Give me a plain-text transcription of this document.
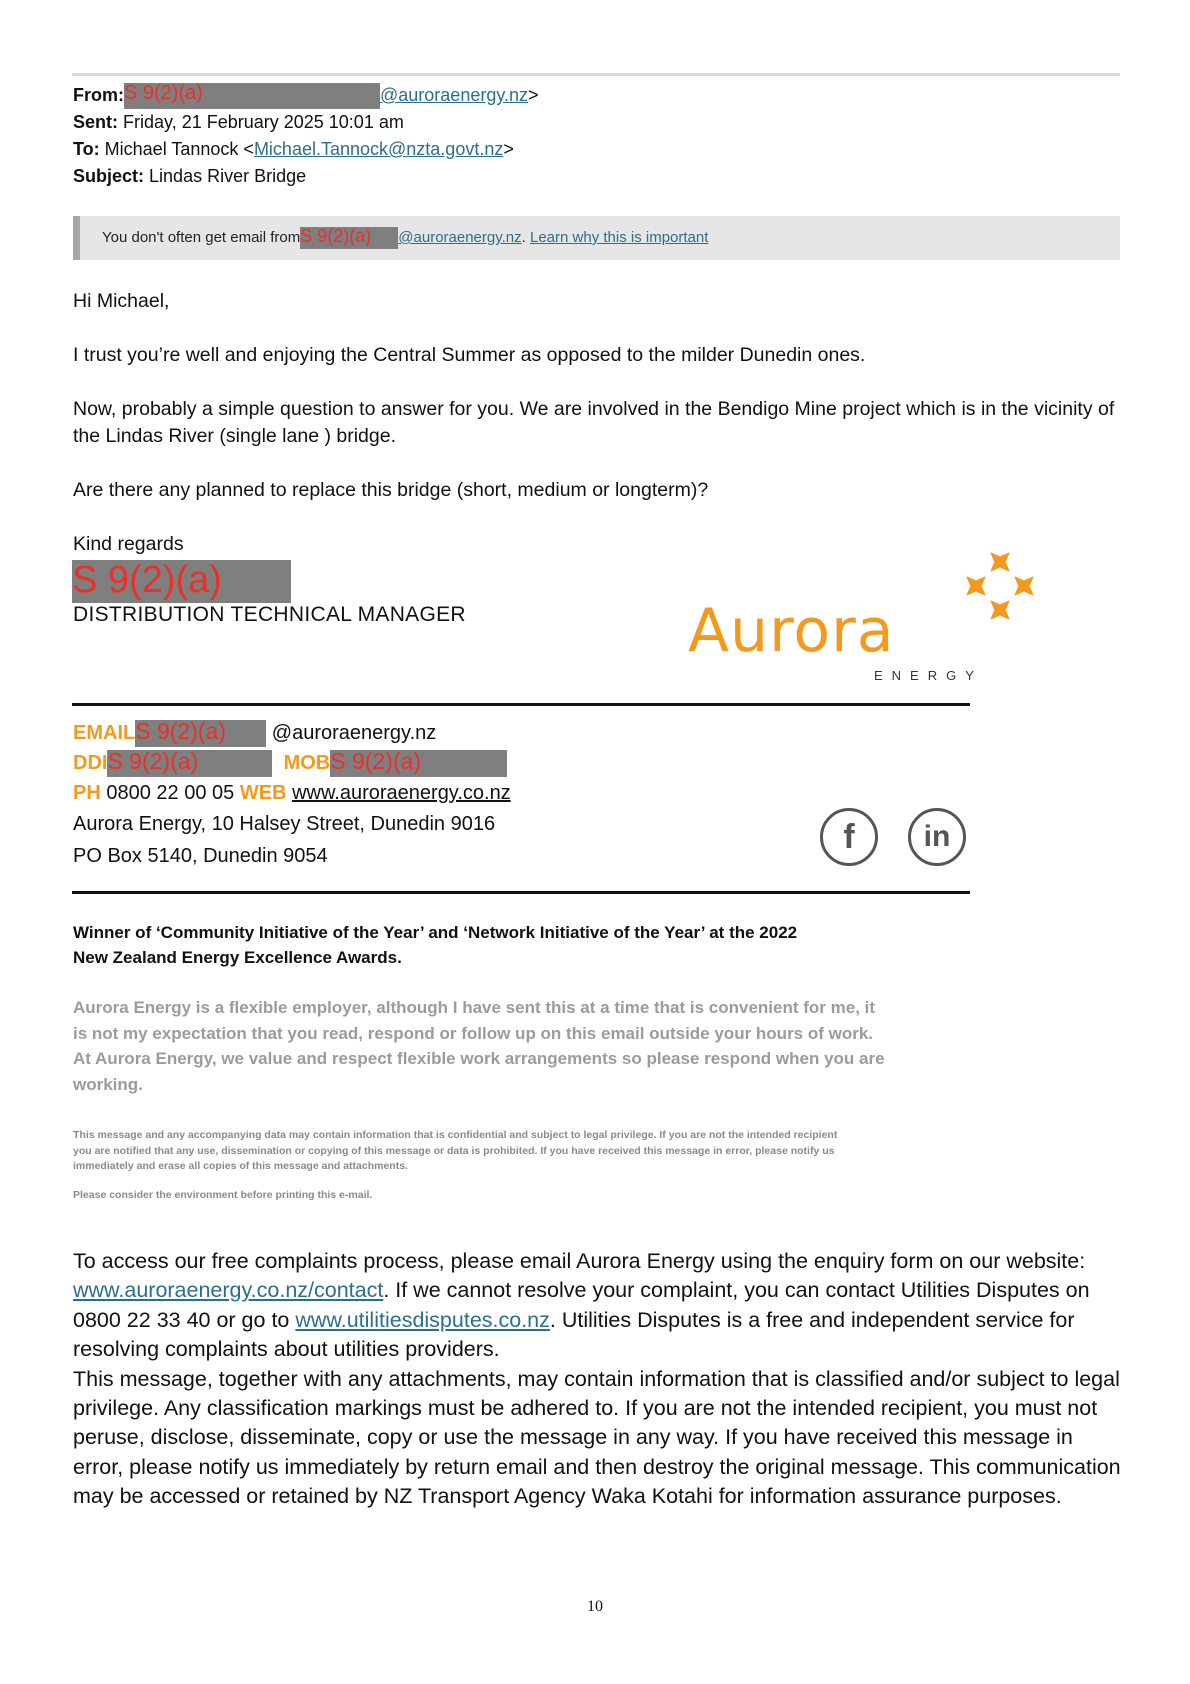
From:S 9(2)(a)	@auroraenergy.nz>
Sent: Friday, 21 February 2025 10:01 am
To: Michael Tannock <Michael.Tannock@nzta.govt.nz>
Subject: Lindas River Bridge
You don't often get email fromS 9(2)(a) @auroraenergy.nz. Learn why this is important
Hi Michael,
I trust you’re well and enjoying the Central Summer as opposed to the milder Dunedin ones.
Now, probably a simple question to answer for you. We are involved in the Bendigo Mine project which is in the vicinity of the Lindas River (single lane ) bridge.
Are there any planned to replace this bridge (short, medium or longterm)?
Kind regards
S 9(2)(a)
DISTRIBUTION TECHNICAL MANAGER	Aurora
ENERGY
EMAILS 9(2)(a) @auroraenergy.nz
DDIS 9(2)(a)	MOBS 9(2)(a)
PH 0800 22 00 05 WEB www.auroraenergy.co.nz
Aurora Energy, 10 Halsey Street, Dunedin 9016
PO Box 5140, Dunedin 9054	f	in
Winner of ‘Community Initiative of the Year’ and ‘Network Initiative of the Year’ at the 2022
New Zealand Energy Excellence Awards.
Aurora Energy is a flexible employer, although I have sent this at a time that is convenient for me, it is not my expectation that you read, respond or follow up on this email outside your hours of work. At Aurora Energy, we value and respect flexible work arrangements so please respond when you are working.
This message and any accompanying data may contain information that is confidential and subject to legal privilege. If you are not the intended recipient you are notified that any use, dissemination or copying of this message or data is prohibited. If you have received this message in error, please notify us immediately and erase all copies of this message and attachments.
Please consider the environment before printing this e-mail.
To access our free complaints process, please email Aurora Energy using the enquiry form on our website: www.auroraenergy.co.nz/contact. If we cannot resolve your complaint, you can contact Utilities Disputes on 0800 22 33 40 or go to www.utilitiesdisputes.co.nz. Utilities Disputes is a free and independent service for resolving complaints about utilities providers.
This message, together with any attachments, may contain information that is classified and/or subject to legal privilege. Any classification markings must be adhered to. If you are not the intended recipient, you must not peruse, disclose, disseminate, copy or use the message in any way. If you have received this message in error, please notify us immediately by return email and then destroy the original message. This communication may be accessed or retained by NZ Transport Agency Waka Kotahi for information assurance purposes.
10
